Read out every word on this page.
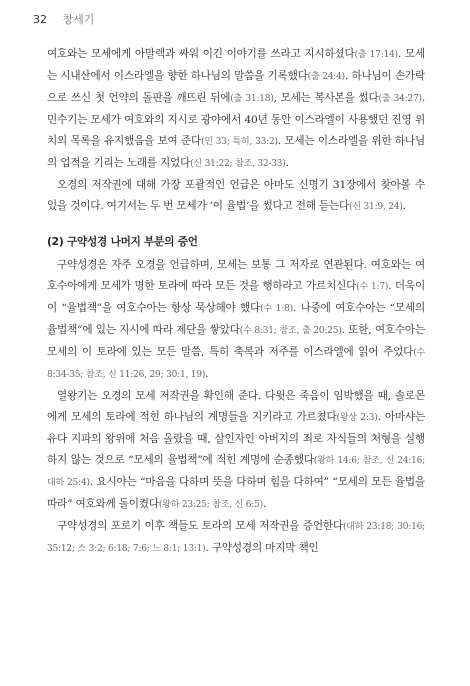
32 창세기

여호와는 모세에게 아말렉과 싸워 이긴 이야기를 쓰라고 지시하셨다(출 17:14). 모세는 시내산에서 이스라엘을 향한 하나님의 말씀을 기록했다(출 24:4). 하나님이 손가락으로 쓰신 첫 언약의 돌판을 깨뜨린 뒤에(출 31:18), 모세는 복사본을 썼다(출 34:27). 민수기는 모세가 여호와의 지시로 광야에서 40년 동안 이스라엘이 사용했던 진영 위치의 목록을 유지했음을 보여 준다(민 33; 특히, 33:2). 모세는 이스라엘을 위한 하나님의 업적을 기리는 노래를 지었다(신 31:22; 참조, 32-33).

오경의 저작권에 대해 가장 포괄적인 언급은 아마도 신명기 31장에서 찾아볼 수 있을 것이다. 여기서는 두 번 모세가 ‘이 율법’을 썼다고 전해 듣는다(신 31:9, 24).

(2) 구약성경 나머지 부분의 증언

구약성경은 자주 오경을 언급하며, 모세는 보통 그 저자로 연관된다. 여호와는 여호수아에게 모세가 명한 토라에 따라 모든 것을 행하라고 가르치신다(수 1:7). 더욱이 이 “율법책”을 여호수아는 항상 묵상해야 했다(수 1:8). 나중에 여호수아는 “모세의 율법책”에 있는 지시에 따라 제단을 쌓았다(수 8:31; 참조, 출 20:25). 또한, 여호수아는 모세의 이 토라에 있는 모든 말씀, 특히 축복과 저주를 이스라엘에 읽어 주었다(수 8:34-35; 참조, 신 11:26, 29; 30:1, 19).

열왕기는 오경의 모세 저작권을 확인해 준다. 다윗은 죽음이 임박했을 때, 솔로몬에게 모세의 토라에 적힌 하나님의 계명들을 지키라고 가르쳤다(왕상 2:3). 아마샤는 유다 지파의 왕위에 처음 올랐을 때, 살인자인 아버지의 죄로 자식들의 처형을 실행하지 않는 것으로 “모세의 율법책”에 적힌 계명에 순종했다(왕하 14:6; 참조, 신 24:16; 대하 25:4). 요시야는 “마음을 다하며 뜻을 다하며 힘을 다하여” “모세의 모든 율법을 따라” 여호와께 돌이켰다(왕하 23:25; 참조, 신 6:5).

구약성경의 포로기 이후 책들도 토라의 모세 저작권을 증언한다(대하 23:18; 30:16; 35:12; 스 3:2; 6:18; 7:6; 느 8:1; 13:1). 구약성경의 마지막 책인
